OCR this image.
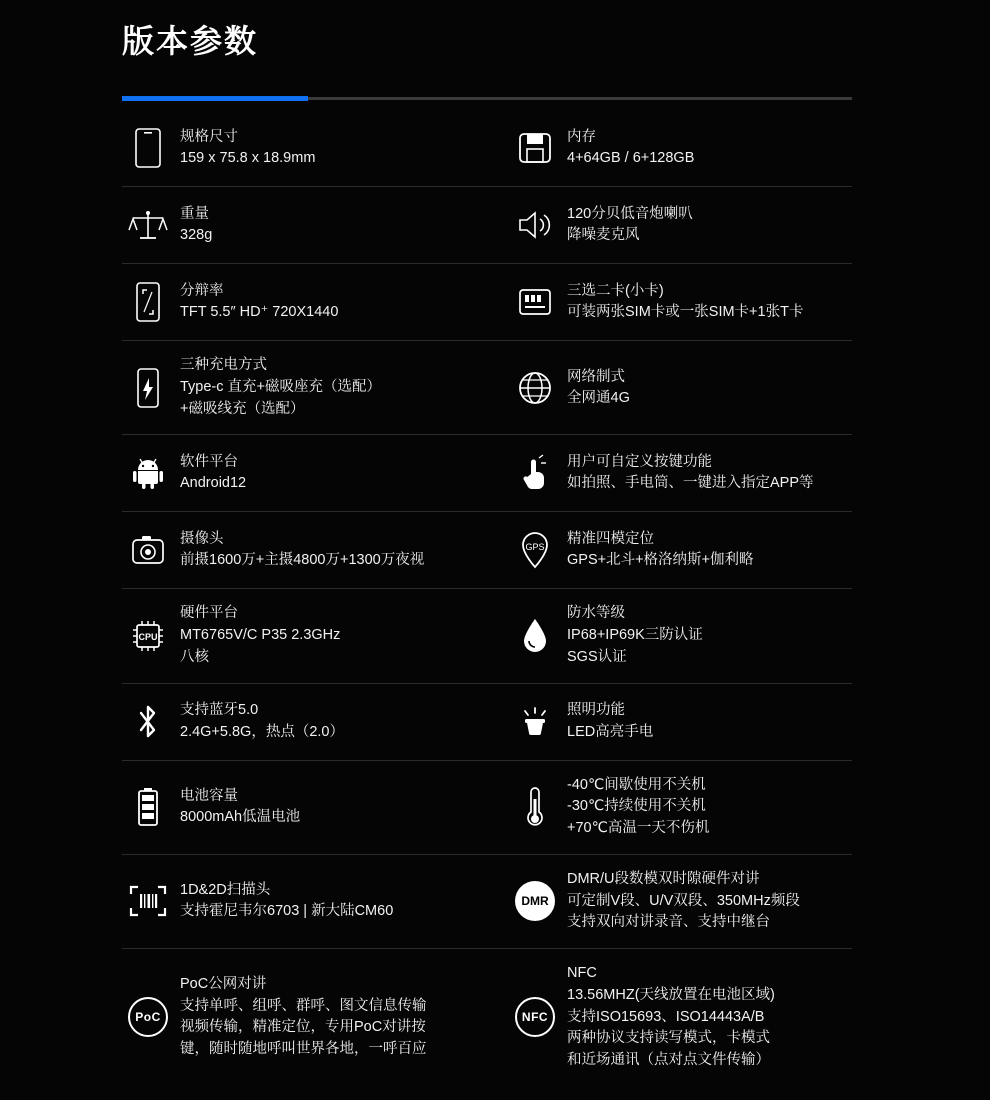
版本参数
规格尺寸
159 x 75.8 x 18.9mm
内存
4+64GB / 6+128GB
重量
328g
120分贝低音炮喇叭
降噪麦克风
分辩率
TFT 5.5″ HD⁺ 720X1440
三选二卡(小卡)
可装两张SIM卡或一张SIM卡+1张T卡
三种充电方式
Type-c 直充+磁吸座充（选配）
+磁吸线充（选配）
网络制式
全网通4G
软件平台
Android12
用户可自定义按键功能
如拍照、手电筒、一键进入指定APP等
摄像头
前摄1600万+主摄4800万+1300万夜视
GPS
精准四模定位
GPS+北斗+格洛纳斯+伽利略
CPU
硬件平台
MT6765V/C P35 2.3GHz
八核
防水等级
IP68+IP69K三防认证
SGS认证
支持蓝牙5.0
2.4G+5.8G，热点（2.0）
照明功能
LED高亮手电
电池容量
8000mAh低温电池
-40℃间歇使用不关机
-30℃持续使用不关机
+70℃高温一天不伤机
1D&2D扫描头
支持霍尼韦尔6703 | 新大陆CM60
DMR
DMR/U段数模双时隙硬件对讲
可定制V段、U/V双段、350MHz频段
支持双向对讲录音、支持中继台
PoC
PoC公网对讲
支持单呼、组呼、群呼、图文信息传输
视频传输，精准定位，专用PoC对讲按
键，随时随地呼叫世界各地，一呼百应
NFC
NFC
13.56MHZ(天线放置在电池区域)
支持ISO15693、ISO14443A/B
两种协议支持读写模式，卡模式
和近场通讯（点对点文件传输）
